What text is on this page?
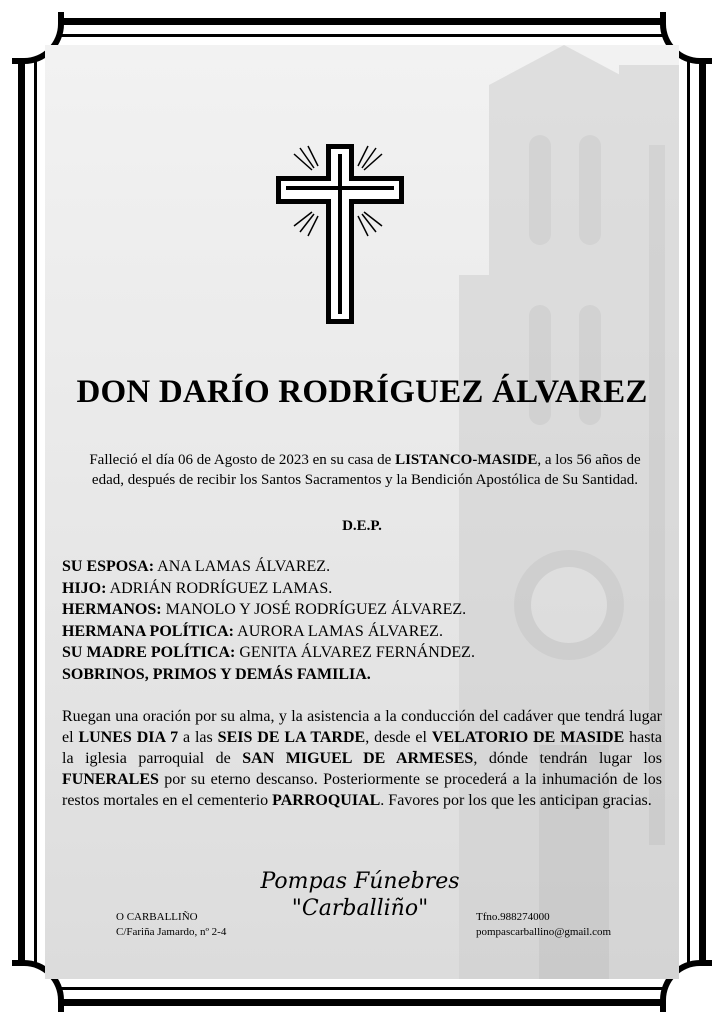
DON DARÍO RODRÍGUEZ ÁLVAREZ
Falleció el día 06 de Agosto de 2023 en su casa de LISTANCO-MASIDE, a los 56 años de edad, después de recibir los Santos Sacramentos y la Bendición Apostólica de Su Santidad.
D.E.P.
SU ESPOSA: ANA LAMAS ÁLVAREZ.
HIJO: ADRIÁN RODRÍGUEZ LAMAS.
HERMANOS: MANOLO Y JOSÉ RODRÍGUEZ ÁLVAREZ.
HERMANA POLÍTICA: AURORA LAMAS ÁLVAREZ.
SU MADRE POLÍTICA: GENITA ÁLVAREZ FERNÁNDEZ.
SOBRINOS, PRIMOS Y DEMÁS FAMILIA.
Ruegan una oración por su alma, y la asistencia a la conducción del cadáver que tendrá lugar el LUNES DIA 7 a las SEIS DE LA TARDE, desde el VELATORIO DE MASIDE hasta la iglesia parroquial de SAN MIGUEL DE ARMESES, dónde tendrán lugar los FUNERALES por su eterno descanso. Posteriormente se procederá a la inhumación de los restos mortales en el cementerio PARROQUIAL. Favores por los que les anticipan gracias.
Pompas Fúnebres
"Carballiño"
O CARBALLIÑO
C/Fariña Jamardo, nº 2-4
Tfno.988274000
pompascarballino@gmail.com
